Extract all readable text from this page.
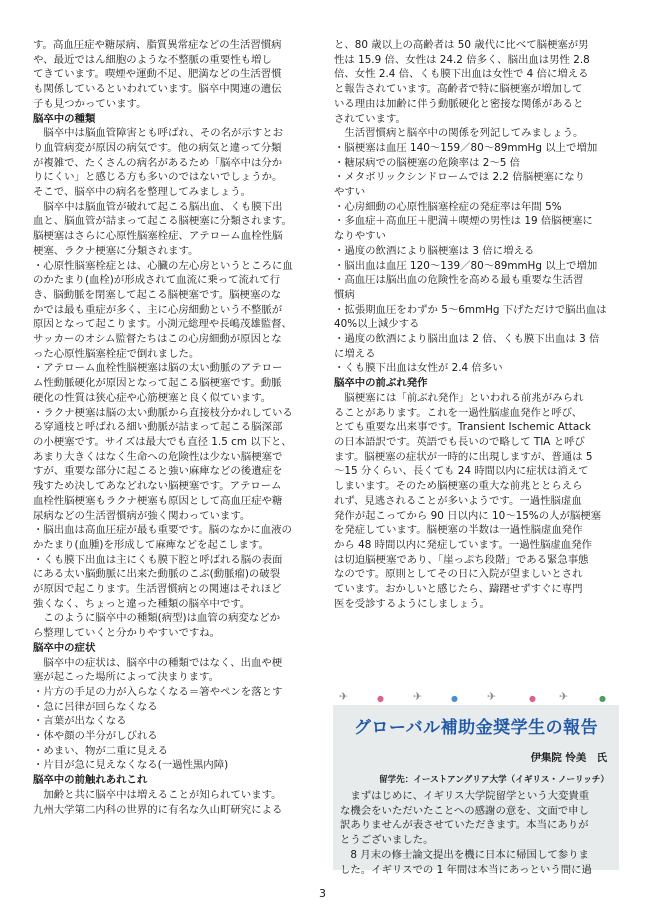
す。高血圧症や糖尿病、脂質異常症などの生活習慣病

や、最近ではん細胞のような不整脈の重要性も増し

てきています。喫煙や運動不足、肥満などの生活習慣

も関係しているといわれています。脳卒中関連の遺伝

子も見つかっています。

脳卒中の種類

脳卒中は脳血管障害とも呼ばれ、その名が示すとお

り血管病変が原因の病気です。他の病気と違って分類

が複雑で、たくさんの病名があるため「脳卒中は分か

りにくい」と感じる方も多いのではないでしょうか。

そこで、脳卒中の病名を整理してみましょう。

脳卒中は脳血管が破れて起こる脳出血、くも膜下出

血と、脳血管が詰まって起こる脳梗塞に分類されます。

脳梗塞はさらに心原性脳塞栓症、アテローム血栓性脳

梗塞、ラクナ梗塞に分類されます。

・心原性脳塞栓症とは、心臓の左心房というところに血

のかたまり(血栓)が形成されて血流に乗って流れて行

き、脳動脈を閉塞して起こる脳梗塞です。脳梗塞のな

かでは最も重症が多く、主に心房細動という不整脈が

原因となって起こります。小渕元総理や長嶋茂雄監督、

サッカーのオシム監督たちはこの心房細動が原因とな

った心原性脳塞栓症で倒れました。

・アテローム血栓性脳梗塞は脳の太い動脈のアテロー

ム性動脈硬化が原因となって起こる脳梗塞です。動脈

硬化の性質は狭心症や心筋梗塞と良く似ています。

・ラクナ梗塞は脳の太い動脈から直接枝分かれしている

る穿通枝と呼ばれる細い動脈が詰まって起こる脳深部

の小梗塞です。サイズは最大でも直径 1.5 cm 以下と、

あまり大きくはなく生命への危険性は少ない脳梗塞で

すが、重要な部分に起こると強い麻痺などの後遺症を

残すため決してあなどれない脳梗塞です。アテローム

血栓性脳梗塞もラクナ梗塞も原因として高血圧症や糖

尿病などの生活習慣病が強く関わっています。

・脳出血は高血圧症が最も重要です。脳のなかに血液の

かたまり(血腫)を形成して麻痺などを起こします。

・くも膜下出血は主にくも膜下腔と呼ばれる脳の表面

にある太い脳動脈に出来た動脈のこぶ(動脈瘤)の破裂

が原因で起こります。生活習慣病との関連はそれほど

強くなく、ちょっと違った種類の脳卒中です。

このように脳卒中の種類(病型)は血管の病変などか

ら整理していくと分かりやすいですね。

脳卒中の症状

脳卒中の症状は、脳卒中の種類ではなく、出血や梗

塞が起こった場所によって決まります。

・片方の手足の力が入らなくなる＝箸やペンを落とす

・急に呂律が回らなくなる

・言葉が出なくなる

・体や顔の半分がしびれる

・めまい、物が二重に見える

・片目が急に見えなくなる(一過性黒内障)

脳卒中の前触れあれこれ

加齢と共に脳卒中は増えることが知られています。

九州大学第二内科の世界的に有名な久山町研究による

と、80 歳以上の高齢者は 50 歳代に比べて脳梗塞が男

性は 15.9 倍、女性は 24.2 倍多く、脳出血は男性 2.8

倍、女性 2.4 倍、くも膜下出血は女性で 4 倍に増える

と報告されています。高齢者で特に脳梗塞が増加して

いる理由は加齢に伴う動脈硬化と密接な関係があると

されています。

生活習慣病と脳卒中の関係を列記してみましょう。

・脳梗塞は血圧 140～159／80～89mmHg 以上で増加

・糖尿病での脳梗塞の危険率は 2～5 倍

・メタボリックシンドロームでは 2.2 倍脳梗塞になり

やすい

・心房細動の心原性脳塞栓症の発症率は年間 5%

・多血症＋高血圧＋肥満＋喫煙の男性は 19 倍脳梗塞に

なりやすい

・過度の飲酒により脳梗塞は 3 倍に増える

・脳出血は血圧 120～139／80～89mmHg 以上で増加

・高血圧は脳出血の危険性を高める最も重要な生活習

慣病

・拡張期血圧をわずか 5～6mmHg 下げただけで脳出血は

40%以上減少する

・過度の飲酒により脳出血は 2 倍、くも膜下出血は 3 倍

に増える

・くも膜下出血は女性が 2.4 倍多い

脳卒中の前ぶれ発作

脳梗塞には「前ぶれ発作」といわれる前兆がみられ

ることがあります。これを一過性脳虚血発作と呼び、

とても重要な出来事です。Transient Ischemic Attack

の日本語訳です。英語でも長いので略して TIA と呼び

ます。脳梗塞の症状が一時的に出現しますが、普通は 5

～15 分くらい、長くても 24 時間以内に症状は消えて

しまいます。そのため脳梗塞の重大な前兆ととらえら

れず、見逃されることが多いようです。一過性脳虚血

発作が起こってから 90 日以内に 10～15%の人が脳梗塞

を発症しています。脳梗塞の半数は一過性脳虚血発作

から 48 時間以内に発症しています。一過性脳虚血発作

は切迫脳梗塞であり、「崖っぷち段階」である緊急事態

なのです。原則としてその日に入院が望ましいとされ

ています。おかしいと感じたら、躊躇せずすぐに専門

医を受診するようにしましょう。

✈	●	✈	●	✈	● ✈	●
グローバル補助金奨学生の報告
伊集院 怜美　氏
留学先：イーストアングリア大学（イギリス・ノーリッチ）

　まずはじめに、イギリス大学院留学という大変貴重

な機会をいただいたことへの感謝の意を、文面で申し

訳ありませんが表させていただきます。本当にありが

とうございました。

　8 月末の修士論文提出を機に日本に帰国して参りま

した。イギリスでの 1 年間は本当にあっという間に過

3
